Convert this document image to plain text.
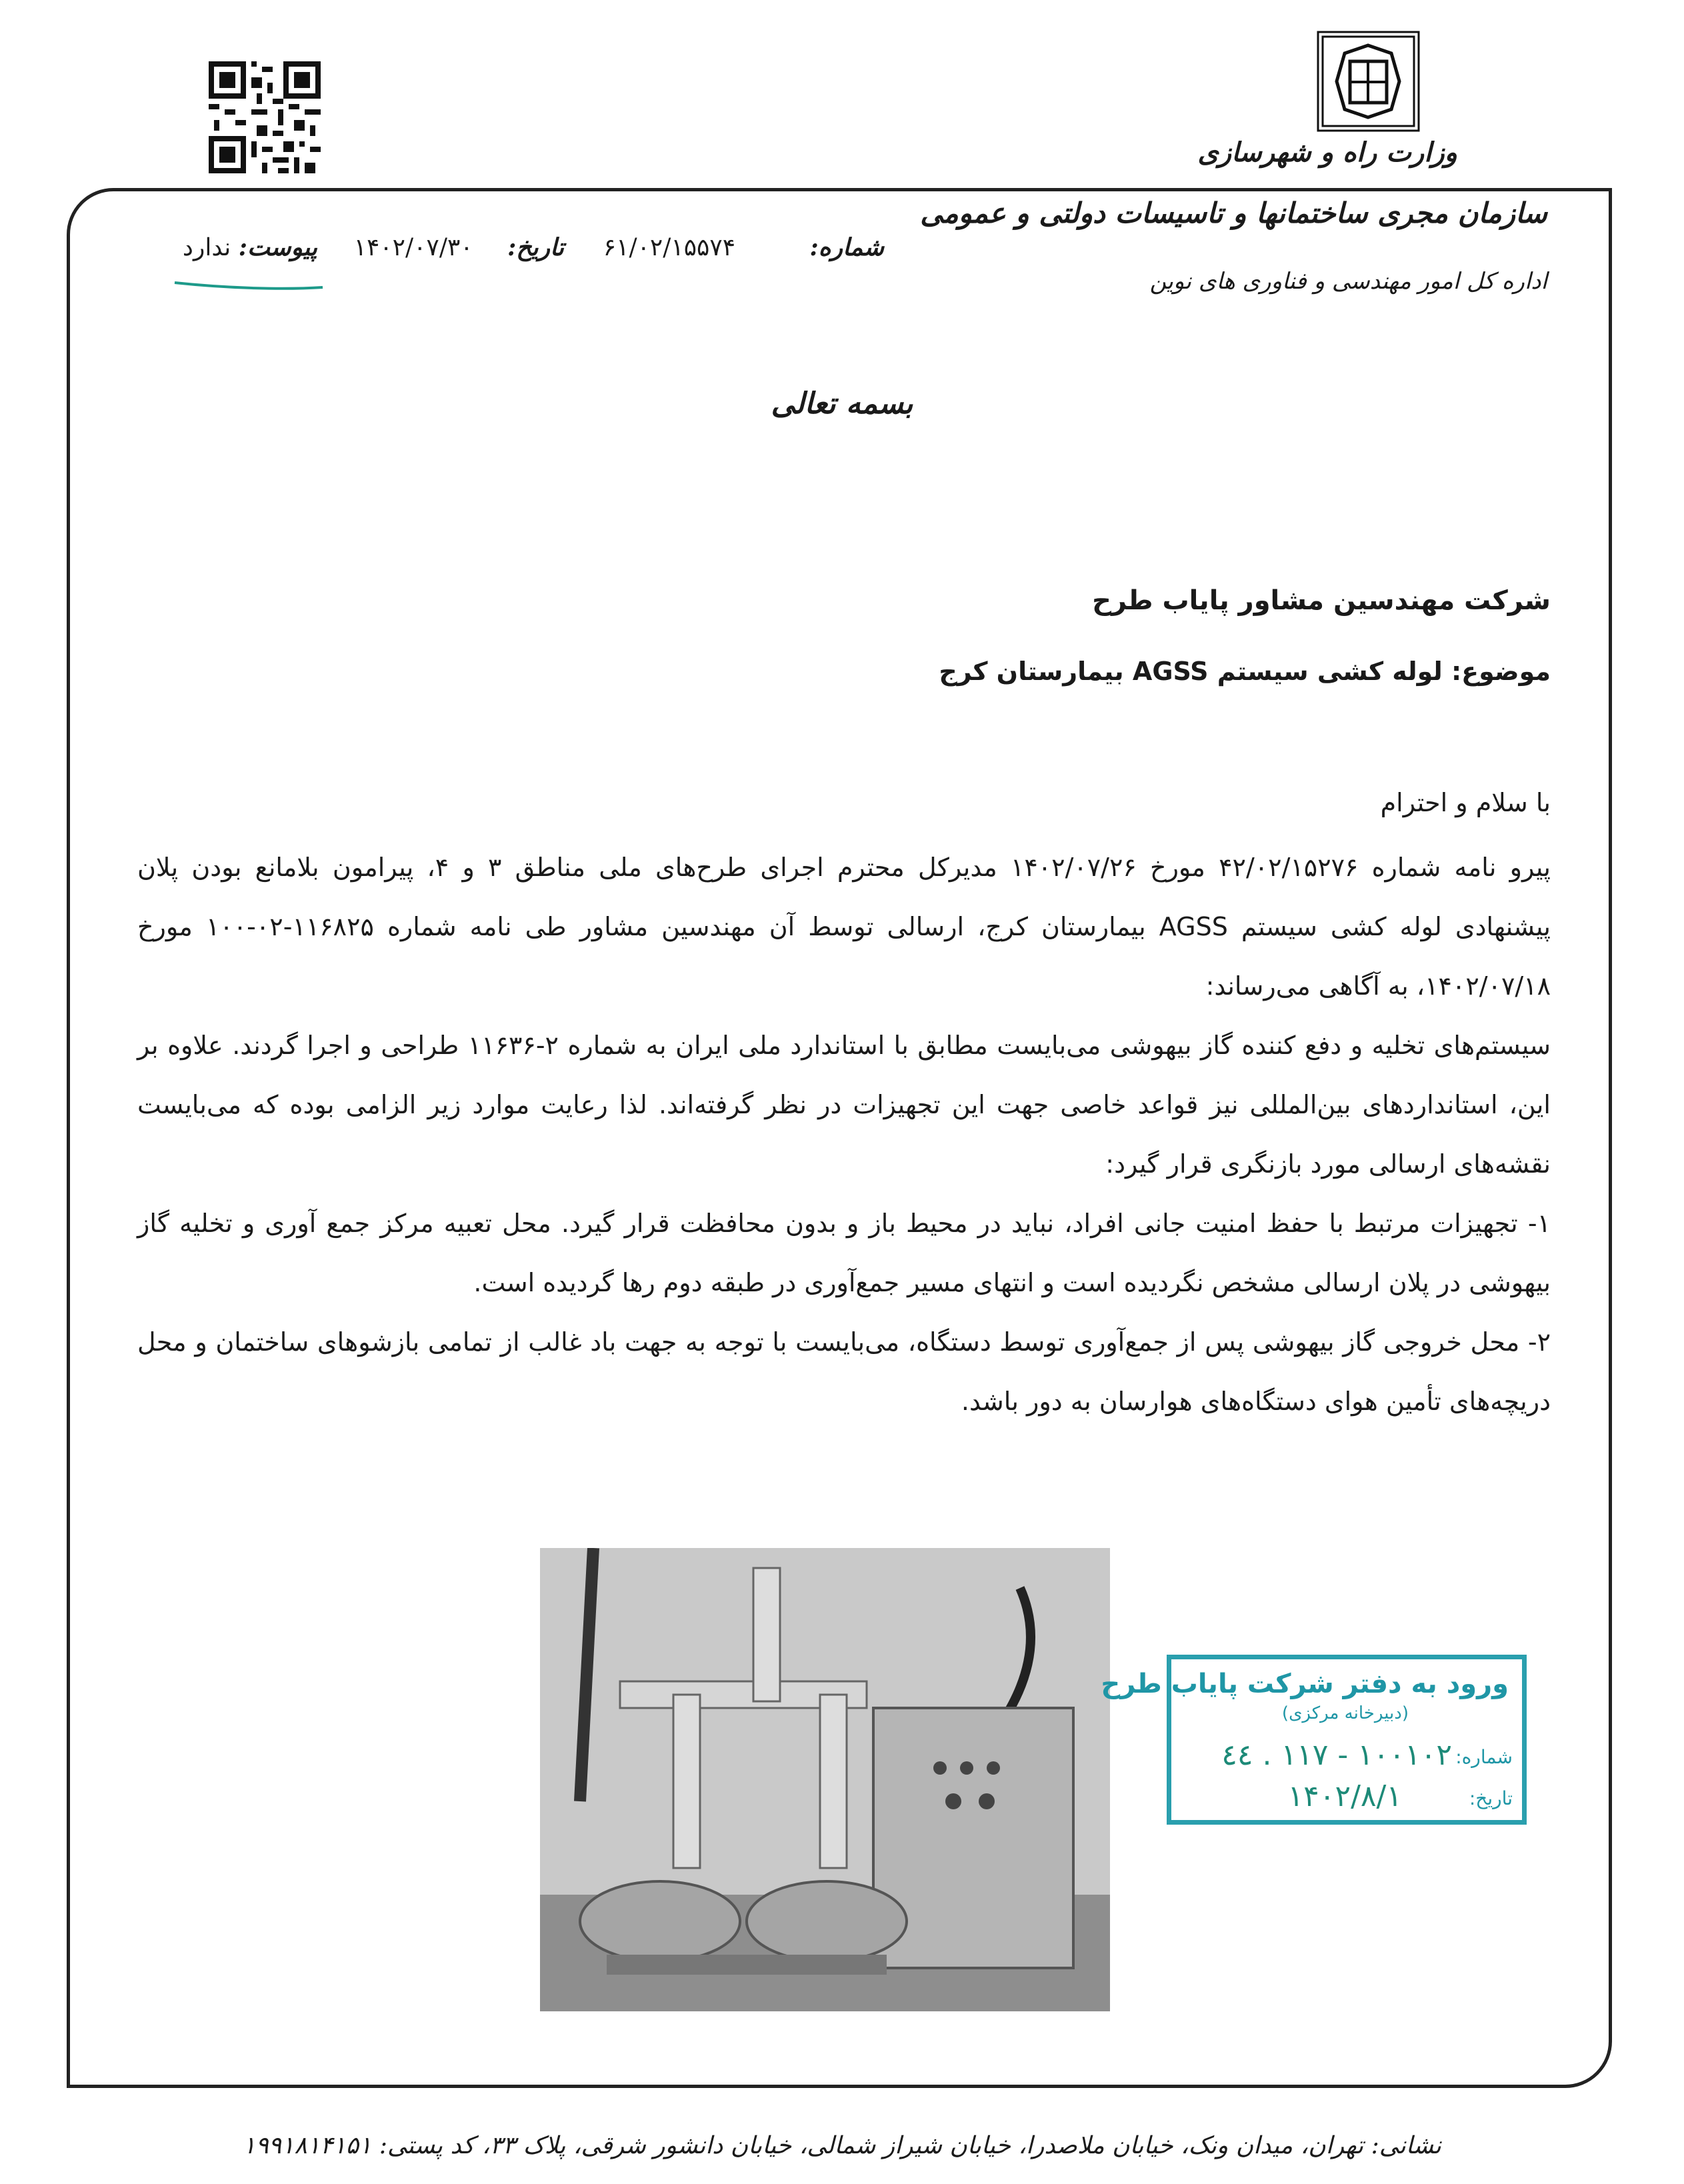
وزارت راه و شهرسازی
سازمان مجری ساختمانها و تاسیسات دولتی و عمومی
اداره کل امور مهندسی و فناوری های نوین
شماره: ۶۱/۰۲/۱۵۵۷۴
تاریخ: ۱۴۰۲/۰۷/۳۰
پیوست: ندارد
بسمه تعالی
شرکت مهندسین مشاور پایاب طرح
موضوع: لوله کشی سیستم AGSS بیمارستان کرج

با سلام و احترام

پیرو نامه شماره ۴۲/۰۲/۱۵۲۷۶ مورخ ۱۴۰۲/۰۷/۲۶ مدیرکل محترم اجرای طرح‌های ملی مناطق ۳ و ۴، پیرامون بلامانع بودن پلان پیشنهادی لوله کشی سیستم AGSS بیمارستان کرج، ارسالی توسط آن مهندسین مشاور طی نامه شماره ۱۱۶۸۲۵-۰۲-۱۰۰ مورخ ۱۴۰۲/۰۷/۱۸، به آگاهی می‌رساند:

سیستم‌های تخلیه و دفع کننده گاز بیهوشی می‌بایست مطابق با استاندارد ملی ایران به شماره ۲-۱۱۶۳۶ طراحی و اجرا گردند. علاوه بر این، استانداردهای بین‌المللی نیز قواعد خاصی جهت این تجهیزات در نظر گرفته‌اند. لذا رعایت موارد زیر الزامی بوده که می‌بایست نقشه‌های ارسالی مورد بازنگری قرار گیرد:

۱- تجهیزات مرتبط با حفظ امنیت جانی افراد، نباید در محیط باز و بدون محافظت قرار گیرد. محل تعبیه مرکز جمع آوری و تخلیه گاز بیهوشی در پلان ارسالی مشخص نگردیده است و انتهای مسیر جمع‌آوری در طبقه دوم رها گردیده است.

۲- محل خروجی گاز بیهوشی پس از جمع‌آوری توسط دستگاه، می‌بایست با توجه به جهت باد غالب از تمامی بازشوهای ساختمان و محل دریچه‌های تأمین هوای دستگاه‌های هوارسان به دور باشد.

ورود به دفتر شرکت پایاب طرح
(دبیرخانه مرکزی)
شماره:
۱۰۰۱۰۲ - ۱۱۷ . ٤٤
تاریخ:
۱۴۰۲/۸/۱
نشانی: تهران، میدان ونک، خیابان ملاصدرا، خیابان شیراز شمالی، خیابان دانشور شرقی، پلاک ۳۳، کد پستی: ۱۹۹۱۸۱۴۱۵۱
